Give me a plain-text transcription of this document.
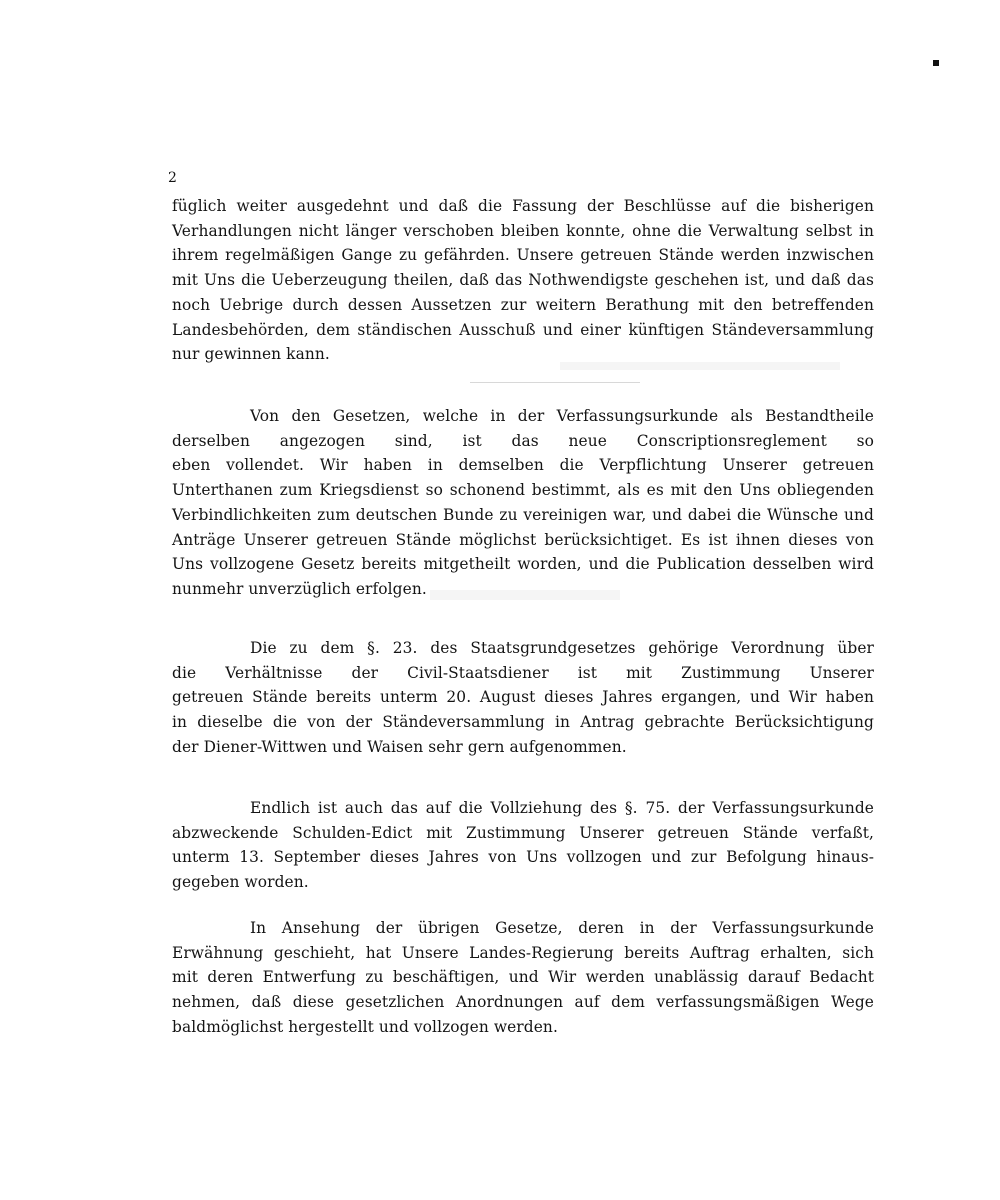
2
füglich weiter ausgedehnt und daß die Fassung der Beschlüsse auf die bisherigen
Verhandlungen nicht länger verschoben bleiben konnte, ohne die Verwaltung selbst in
ihrem regelmäßigen Gange zu gefährden. Unsere getreuen Stände werden inzwischen
mit Uns die Ueberzeugung theilen, daß das Nothwendigste geschehen ist, und daß das
noch Uebrige durch dessen Aussetzen zur weitern Berathung mit den betreffenden
Landesbehörden, dem ständischen Ausschuß und einer künftigen Ständeversammlung
nur gewinnen kann.
Von den Gesetzen, welche in der Verfassungsurkunde als Bestandtheile
derselben angezogen sind, ist das neue Conscriptionsreglement so
eben vollendet. Wir haben in demselben die Verpflichtung Unserer getreuen
Unterthanen zum Kriegsdienst so schonend bestimmt, als es mit den Uns obliegenden
Verbindlichkeiten zum deutschen Bunde zu vereinigen war, und dabei die Wünsche und
Anträge Unserer getreuen Stände möglichst berücksichtiget. Es ist ihnen dieses von
Uns vollzogene Gesetz bereits mitgetheilt worden, und die Publication desselben wird
nunmehr unverzüglich erfolgen.
Die zu dem §. 23. des Staatsgrundgesetzes gehörige Verordnung über
die Verhältnisse der Civil-Staatsdiener ist mit Zustimmung Unserer
getreuen Stände bereits unterm 20. August dieses Jahres ergangen, und Wir haben
in dieselbe die von der Ständeversammlung in Antrag gebrachte Berücksichtigung
der Diener-Wittwen und Waisen sehr gern aufgenommen.
Endlich ist auch das auf die Vollziehung des §. 75. der Verfassungsurkunde
abzweckende Schulden-Edict mit Zustimmung Unserer getreuen Stände verfaßt,
unterm 13. September dieses Jahres von Uns vollzogen und zur Befolgung hinaus-
gegeben worden.
In Ansehung der übrigen Gesetze, deren in der Verfassungsurkunde
Erwähnung geschieht, hat Unsere Landes-Regierung bereits Auftrag erhalten, sich
mit deren Entwerfung zu beschäftigen, und Wir werden unablässig darauf Bedacht
nehmen, daß diese gesetzlichen Anordnungen auf dem verfassungsmäßigen Wege
baldmöglichst hergestellt und vollzogen werden.
